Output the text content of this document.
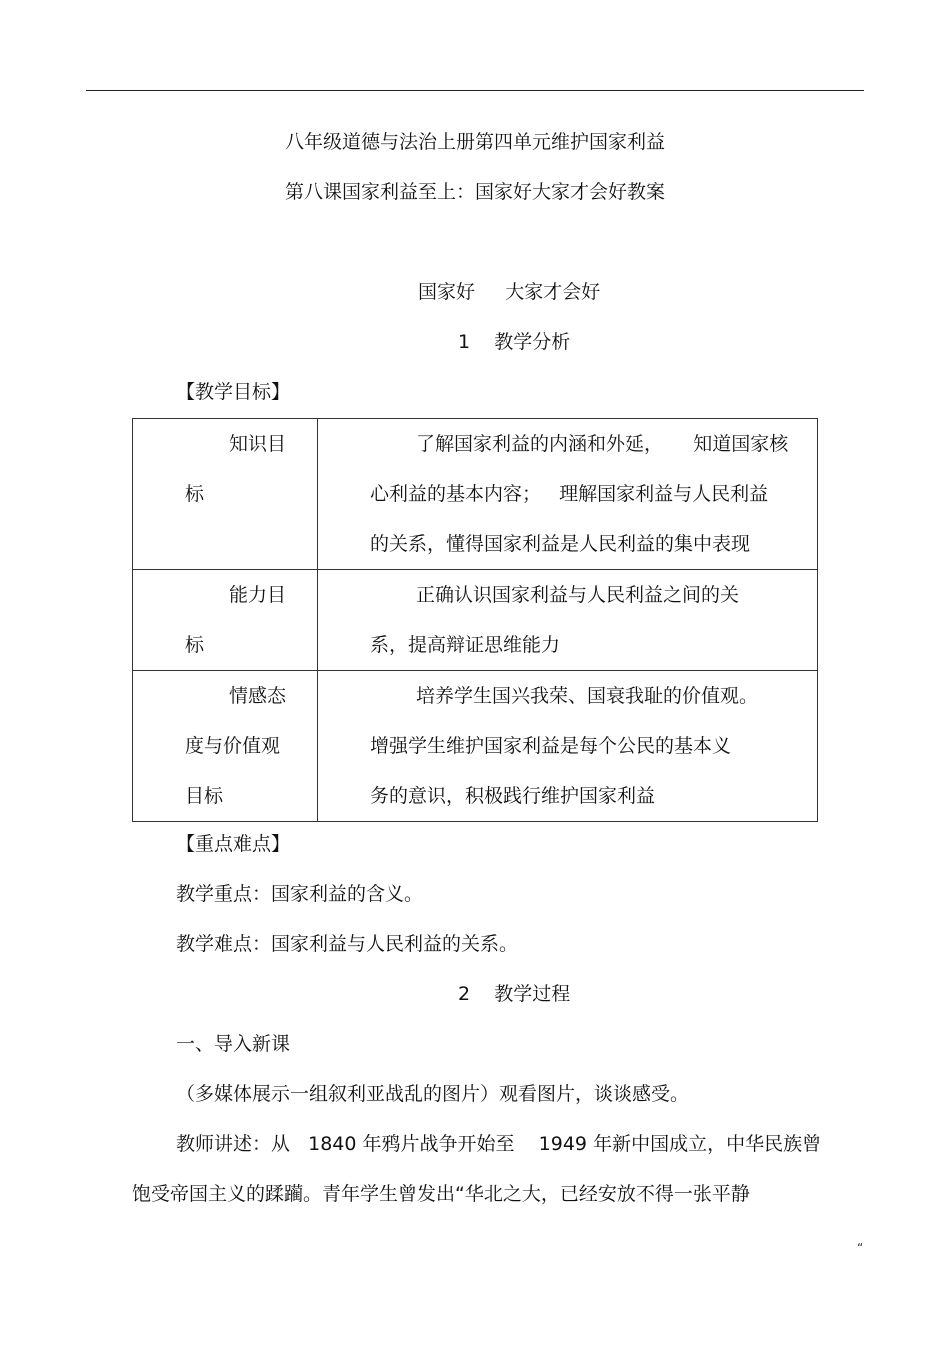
八年级道德与法治上册第四单元维护国家利益
第八课国家利益至上：国家好大家才会好教案
国家好     大家才会好
1    教学分析
【教学目标】
知识目
标	了解国家利益的内涵和外延，     知道国家核
心利益的基本内容；   理解国家利益与人民利益
的关系，懂得国家利益是人民利益的集中表现

能力目
标	正确认识国家利益与人民利益之间的关
系，提高辩证思维能力

情感态
度与价值观
目标	培养学生国兴我荣、国衰我耻的价值观。
增强学生维护国家利益是每个公民的基本义
务的意识，积极践行维护国家利益
【重点难点】
教学重点：国家利益的含义。
教学难点：国家利益与人民利益的关系。
2    教学过程
一、导入新课
（多媒体展示一组叙利亚战乱的图片）观看图片，谈谈感受。
教师讲述：从   1840 年鸦片战争开始至    1949 年新中国成立，中华民族曾
饱受帝国主义的蹂躏。青年学生曾发出“华北之大，已经安放不得一张平静
“
